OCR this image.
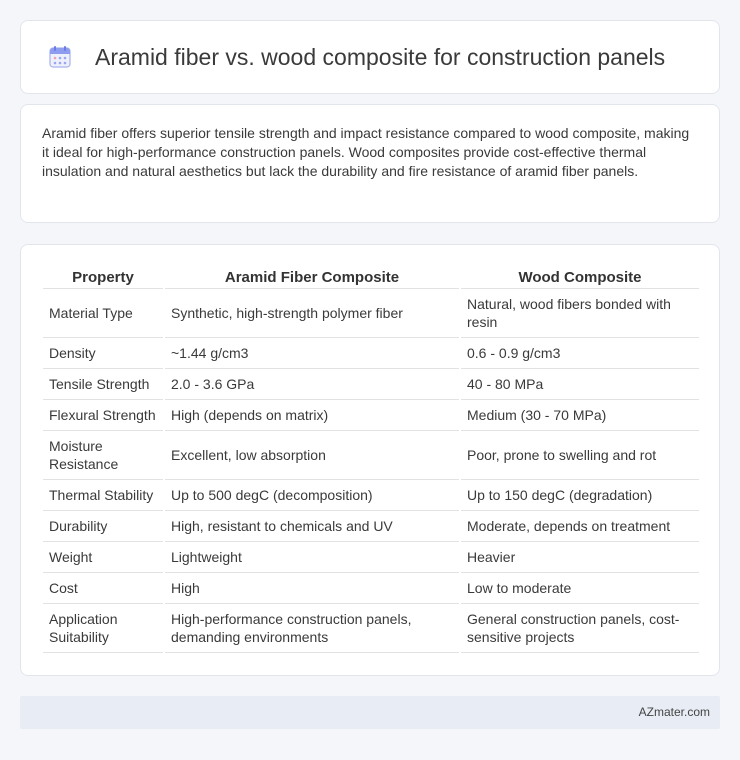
Aramid fiber vs. wood composite for construction panels

Aramid fiber offers superior tensile strength and impact resistance compared to wood composite, making it ideal for high-performance construction panels. Wood composites provide cost-effective thermal insulation and natural aesthetics but lack the durability and fire resistance of aramid fiber panels.

Property	Aramid Fiber Composite	Wood Composite
Material Type	Synthetic, high-strength polymer fiber	Natural, wood fibers bonded with resin
Density	~1.44 g/cm3	0.6 - 0.9 g/cm3
Tensile Strength	2.0 - 3.6 GPa	40 - 80 MPa
Flexural Strength	High (depends on matrix)	Medium (30 - 70 MPa)
Moisture Resistance	Excellent, low absorption	Poor, prone to swelling and rot
Thermal Stability	Up to 500 degC (decomposition)	Up to 150 degC (degradation)
Durability	High, resistant to chemicals and UV	Moderate, depends on treatment
Weight	Lightweight	Heavier
Cost	High	Low to moderate
Application Suitability	High-performance construction panels, demanding environments	General construction panels, cost-sensitive projects
AZmater.com
